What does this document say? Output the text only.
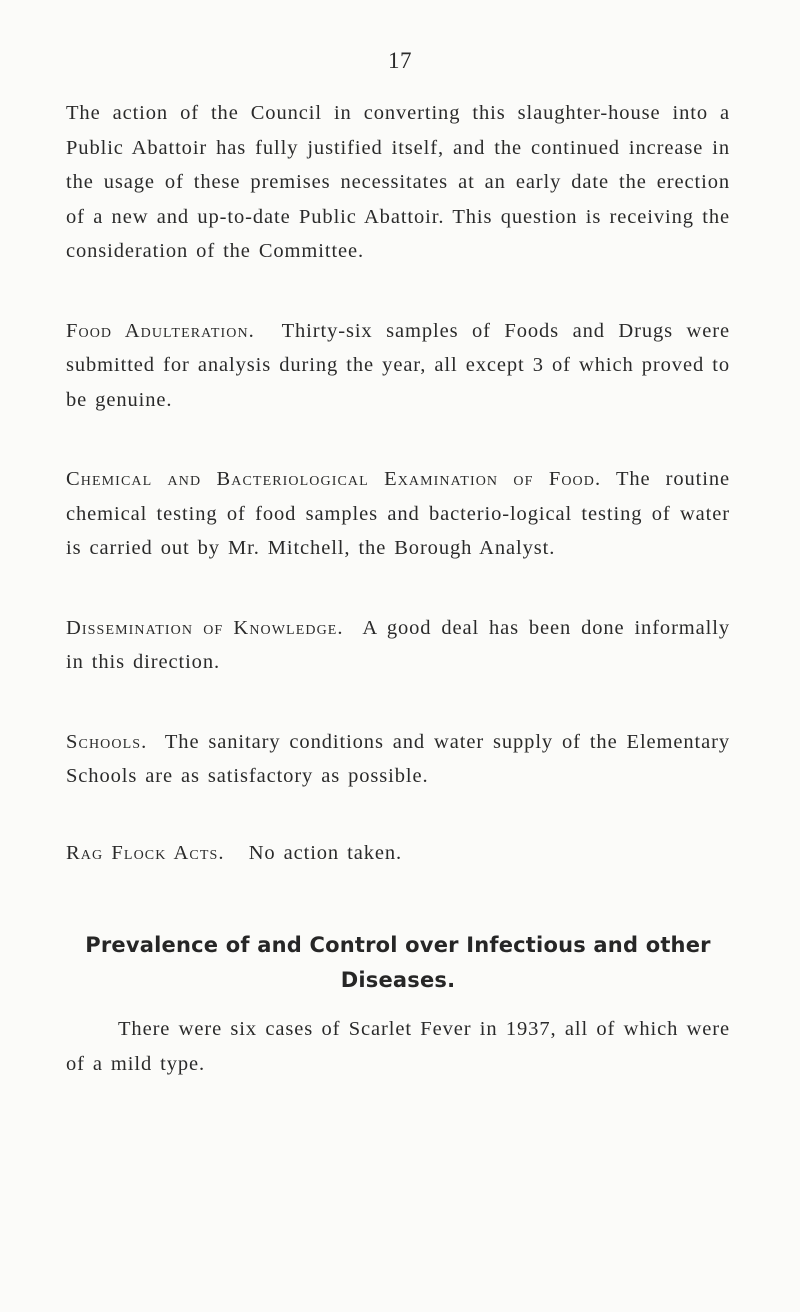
17

The action of the Council in converting this slaughter-house into a Public Abattoir has fully justified itself, and the continued increase in the usage of these premises necessitates at an early date the erection of a new and up-to-date Public Abattoir. This question is receiving the consideration of the Committee.

Food Adulteration. Thirty-six samples of Foods and Drugs were submitted for analysis during the year, all except 3 of which proved to be genuine.

Chemical and Bacteriological Examination of Food. The routine chemical testing of food samples and bacterio-logical testing of water is carried out by Mr. Mitchell, the Borough Analyst.

Dissemination of Knowledge. A good deal has been done informally in this direction.

Schools. The sanitary conditions and water supply of the Elementary Schools are as satisfactory as possible.

Rag Flock Acts. No action taken.

Prevalence of and Control over Infectious and other Diseases.

There were six cases of Scarlet Fever in 1937, all of which were of a mild type.
